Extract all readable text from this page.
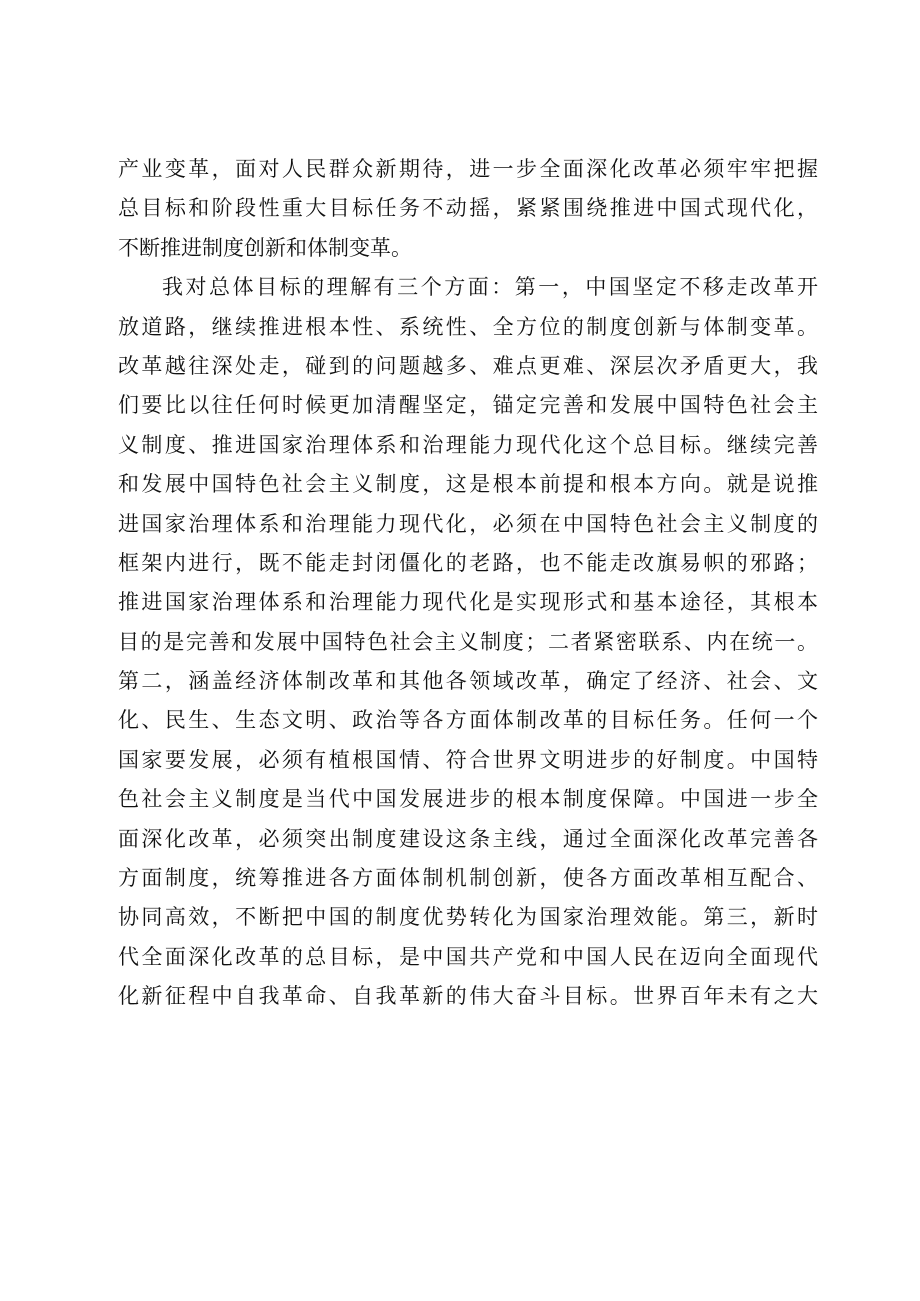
产业变革，面对人民群众新期待，进一步全面深化改革必须牢牢把握
总目标和阶段性重大目标任务不动摇，紧紧围绕推进中国式现代化，
不断推进制度创新和体制变革。
我对总体目标的理解有三个方面：第一，中国坚定不移走改革开
放道路，继续推进根本性、系统性、全方位的制度创新与体制变革。
改革越往深处走，碰到的问题越多、难点更难、深层次矛盾更大，我
们要比以往任何时候更加清醒坚定，锚定完善和发展中国特色社会主
义制度、推进国家治理体系和治理能力现代化这个总目标。继续完善
和发展中国特色社会主义制度，这是根本前提和根本方向。就是说推
进国家治理体系和治理能力现代化，必须在中国特色社会主义制度的
框架内进行，既不能走封闭僵化的老路，也不能走改旗易帜的邪路；
推进国家治理体系和治理能力现代化是实现形式和基本途径，其根本
目的是完善和发展中国特色社会主义制度；二者紧密联系、内在统一。
第二，涵盖经济体制改革和其他各领域改革，确定了经济、社会、文
化、民生、生态文明、政治等各方面体制改革的目标任务。任何一个
国家要发展，必须有植根国情、符合世界文明进步的好制度。中国特
色社会主义制度是当代中国发展进步的根本制度保障。中国进一步全
面深化改革，必须突出制度建设这条主线，通过全面深化改革完善各
方面制度，统筹推进各方面体制机制创新，使各方面改革相互配合、
协同高效，不断把中国的制度优势转化为国家治理效能。第三，新时
代全面深化改革的总目标，是中国共产党和中国人民在迈向全面现代
化新征程中自我革命、自我革新的伟大奋斗目标。世界百年未有之大
